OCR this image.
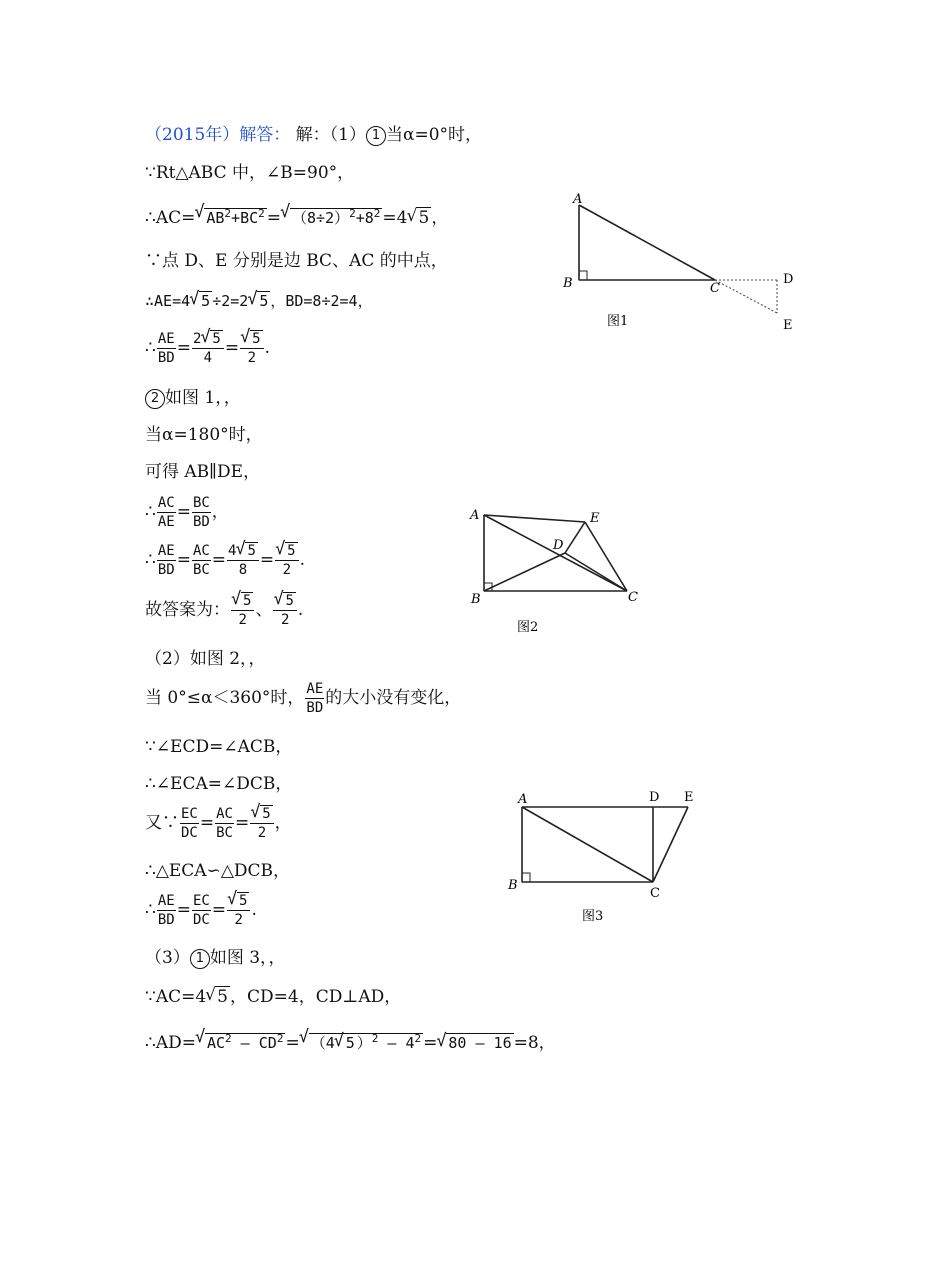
（2015年）解答： 解：（1） 1 当α=0°时，
∵Rt△ABC 中，∠B=90°，
∴AC=√ $AB^2+BC^2$ =√ $(8\div 2)^2+8^2 =4√$ 5 ，
∵点 D、E 分别是边 BC、AC 的中点，
∴AE=4√ 5 ÷2=2√ 5 ，BD=8÷2=4，
∴ $\frac{AE}{BD} = \frac{2√ 5}{4}$ =
√ $\frac{5}{2}$ .
2 如图 1，，
当α=180°时，
可得 AB∥DE，
∴ $\frac{AC}{AE} = \frac{BC}{BD}$ ，
∴ $\frac{AE}{BD} = \frac{AC}{BC} = \frac{4√ 5}{8}$ =
√ $\frac{5}{2}$ .
故答案为：
√ $\frac{5}{2}$ 、
√ $\frac{5}{2}$ .
（2）如图 2，，
当 0°≤α＜360°时， $\frac{AE}{BD}$ 的大小没有变化，
∵∠ECD=∠ACB，
∴∠ECA=∠DCB，
又∵ $\frac{EC}{DC} = \frac{AC}{BC}$ =
√ $\frac{5}{2}$ ，
∴△ECA∽△DCB，
∴ $\frac{AE}{BD} = \frac{EC}{DC}$ =
√ $\frac{5}{2}$ .
（3） 1 如图 3，，
∵AC=4√ 5 ，CD=4，CD⊥AD，
∴AD=√ $AC^2 - CD^2$ =√ （4√ 5 ）$^2 - 4^2$ =√ 80 – 16 =8，
A
B	C
D
E
图1
A
B	C
D
E
图2
A
B
C
D E
图3
